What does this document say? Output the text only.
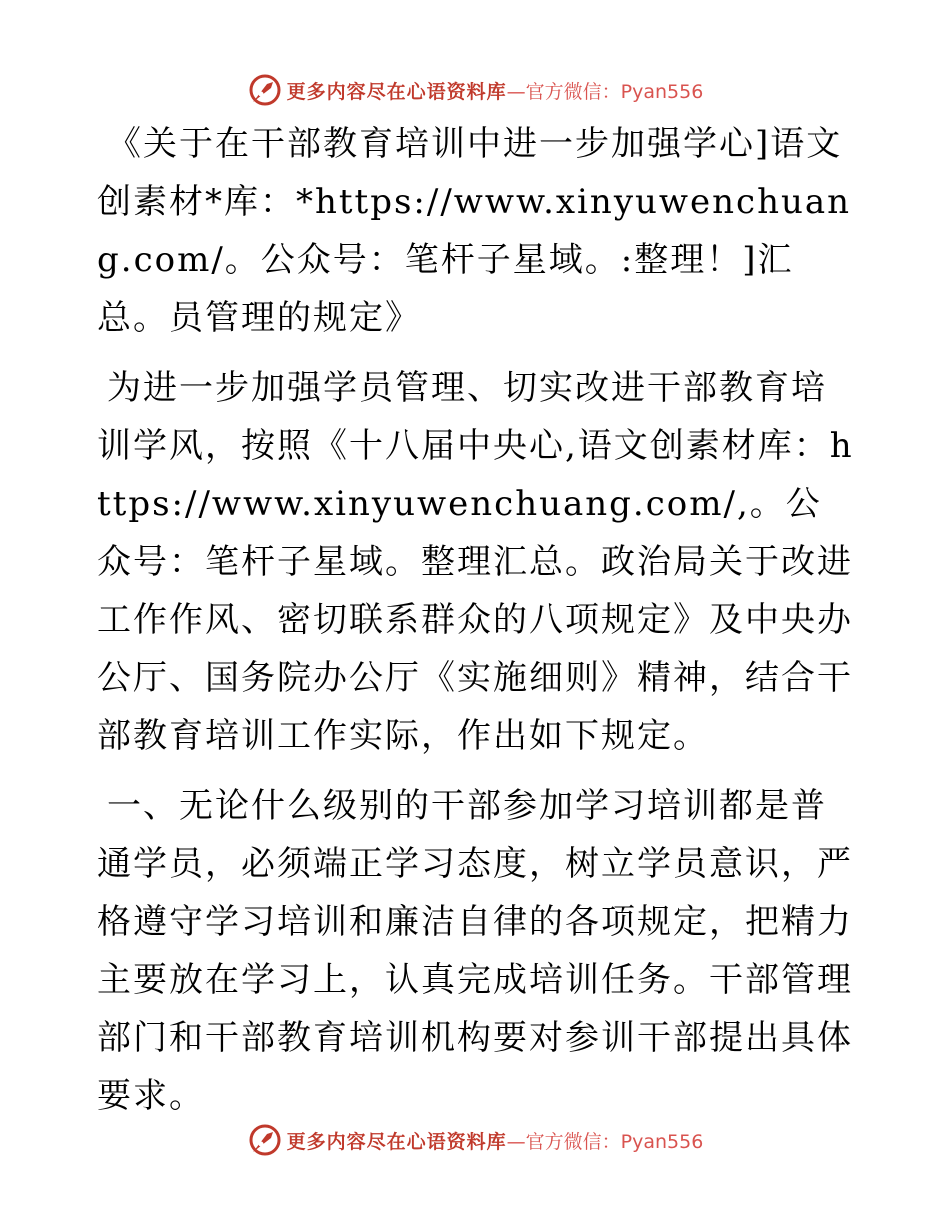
更多内容尽在心语资料库 —官方微信：Pyan556

《关于在干部教育培训中进一步加强学心]语文创素材*库：*https://www.xinyuwenchuang.com/。公众号：笔杆子星域。:整理！]汇总。员管理的规定》

为进一步加强学员管理、切实改进干部教育培训学风，按照《十八届中央心,语文创素材库：https://www.xinyuwenchuang.com/,。公众号：笔杆子星域。整理汇总。政治局关于改进工作作风、密切联系群众的八项规定》及中央办公厅、国务院办公厅《实施细则》精神，结合干部教育培训工作实际，作出如下规定。

一、无论什么级别的干部参加学习培训都是普通学员，必须端正学习态度，树立学员意识，严格遵守学习培训和廉洁自律的各项规定，把精力主要放在学习上，认真完成培训任务。干部管理部门和干部教育培训机构要对参训干部提出具体要求。

更多内容尽在心语资料库 —官方微信：Pyan556
